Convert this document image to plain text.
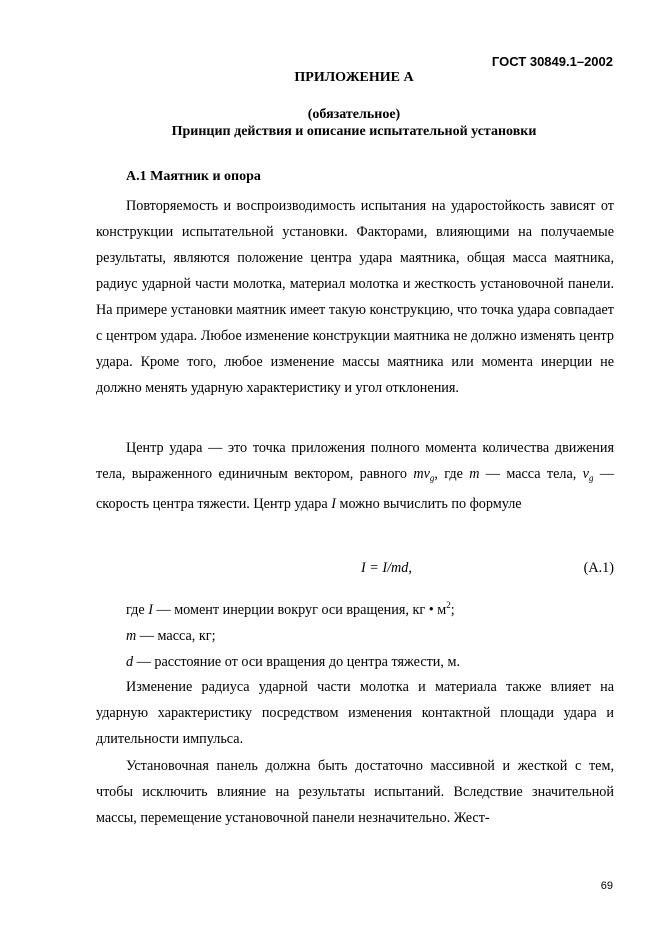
ГОСТ 30849.1–2002
ПРИЛОЖЕНИЕ А
(обязательное)
Принцип действия и описание испытательной установки
А.1 Маятник и опора

Повторяемость и воспроизводимость испытания на ударостойкость зависят от конструкции испытательной установки. Факторами, влияющими на получаемые результаты, являются положение центра удара маятника, общая масса маятника, радиус ударной части молотка, материал молотка и жесткость установочной панели. На примере установки маятник имеет такую конструкцию, что точка удара совпадает с центром удара. Любое изменение конструкции маятника не должно изменять центр удара. Кроме того, любое изменение массы маятника или момента инерции не должно менять ударную характеристику и угол отклонения.

Центр удара — это точка приложения полного момента количества движения тела, выраженного единичным вектором, равного $mv_g$, где m — масса тела, $v_g$ — скорость центра тяжести. Центр удара I можно вычислить по формуле

I = I/md,	(А.1)
где I — момент инерции вокруг оси вращения, кг • $м^2$;
m — масса, кг;
d — расстояние от оси вращения до центра тяжести, м.

Изменение радиуса ударной части молотка и материала также влияет на ударную характеристику посредством изменения контактной площади удара и длительности импульса.

Установочная панель должна быть достаточно массивной и жесткой с тем, чтобы исключить влияние на результаты испытаний. Вследствие значительной массы, перемещение установочной панели незначительно. Жест-

69
